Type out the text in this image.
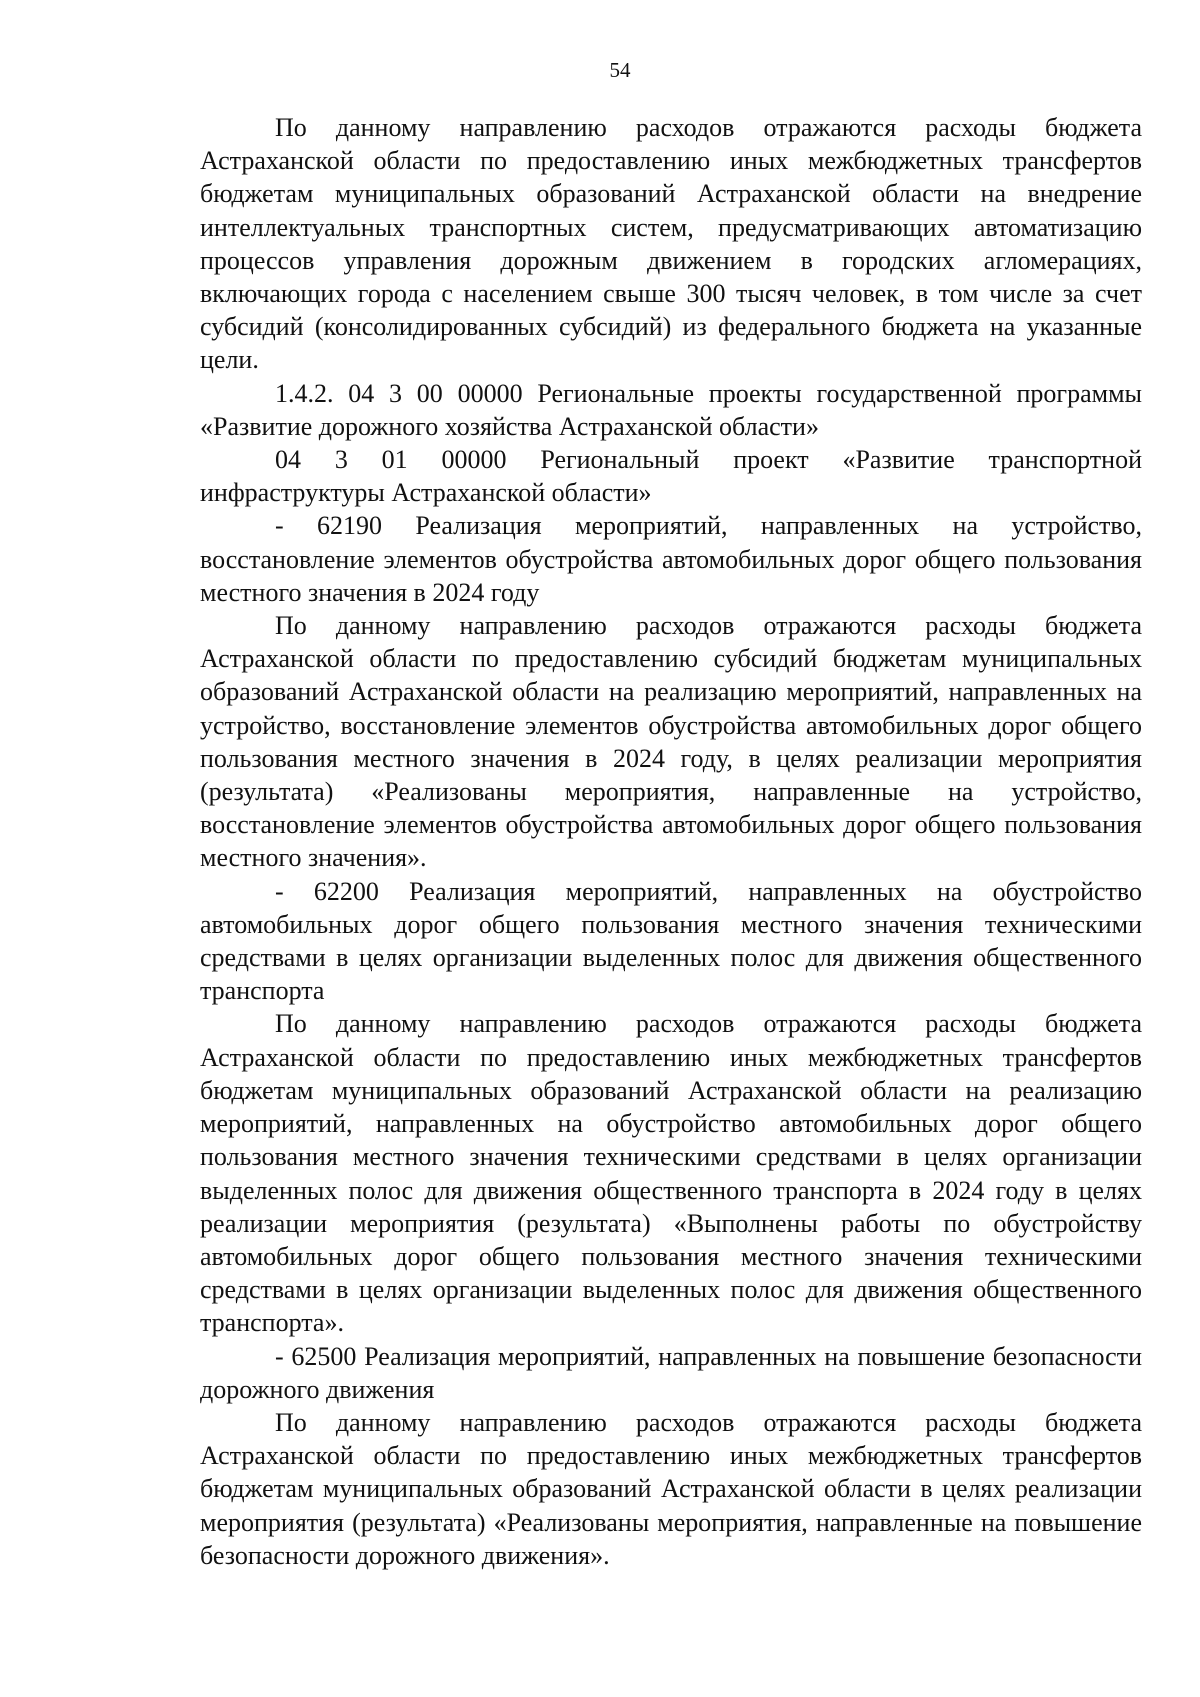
54

По данному направлению расходов отражаются расходы бюджета Астраханской области по предоставлению иных межбюджетных трансфертов бюджетам муниципальных образований Астраханской области на внедрение интеллектуальных транспортных систем, предусматривающих автоматизацию процессов управления дорожным движением в городских агломерациях, включающих города с населением свыше 300 тысяч человек, в том числе за счет субсидий (консолидированных субсидий) из федерального бюджета на указанные цели.

1.4.2. 04 3 00 00000 Региональные проекты государственной программы «Развитие дорожного хозяйства Астраханской области»

04 3 01 00000 Региональный проект «Развитие транспортной инфраструктуры Астраханской области»

- 62190 Реализация мероприятий, направленных на устройство, восстановление элементов обустройства автомобильных дорог общего пользования местного значения в 2024 году

По данному направлению расходов отражаются расходы бюджета Астраханской области по предоставлению субсидий бюджетам муниципальных образований Астраханской области на реализацию мероприятий, направленных на устройство, восстановление элементов обустройства автомобильных дорог общего пользования местного значения в 2024 году, в целях реализации мероприятия (результата) «Реализованы мероприятия, направленные на устройство, восстановление элементов обустройства автомобильных дорог общего пользования местного значения».

- 62200 Реализация мероприятий, направленных на обустройство автомобильных дорог общего пользования местного значения техническими средствами в целях организации выделенных полос для движения общественного транспорта

По данному направлению расходов отражаются расходы бюджета Астраханской области по предоставлению иных межбюджетных трансфертов бюджетам муниципальных образований Астраханской области на реализацию мероприятий, направленных на обустройство автомобильных дорог общего пользования местного значения техническими средствами в целях организации выделенных полос для движения общественного транспорта в 2024 году в целях реализации мероприятия (результата) «Выполнены работы по обустройству автомобильных дорог общего пользования местного значения техническими средствами в целях организации выделенных полос для движения общественного транспорта».

- 62500 Реализация мероприятий, направленных на повышение безопасности дорожного движения

По данному направлению расходов отражаются расходы бюджета Астраханской области по предоставлению иных межбюджетных трансфертов бюджетам муниципальных образований Астраханской области в целях реализации мероприятия (результата) «Реализованы мероприятия, направленные на повышение безопасности дорожного движения».
